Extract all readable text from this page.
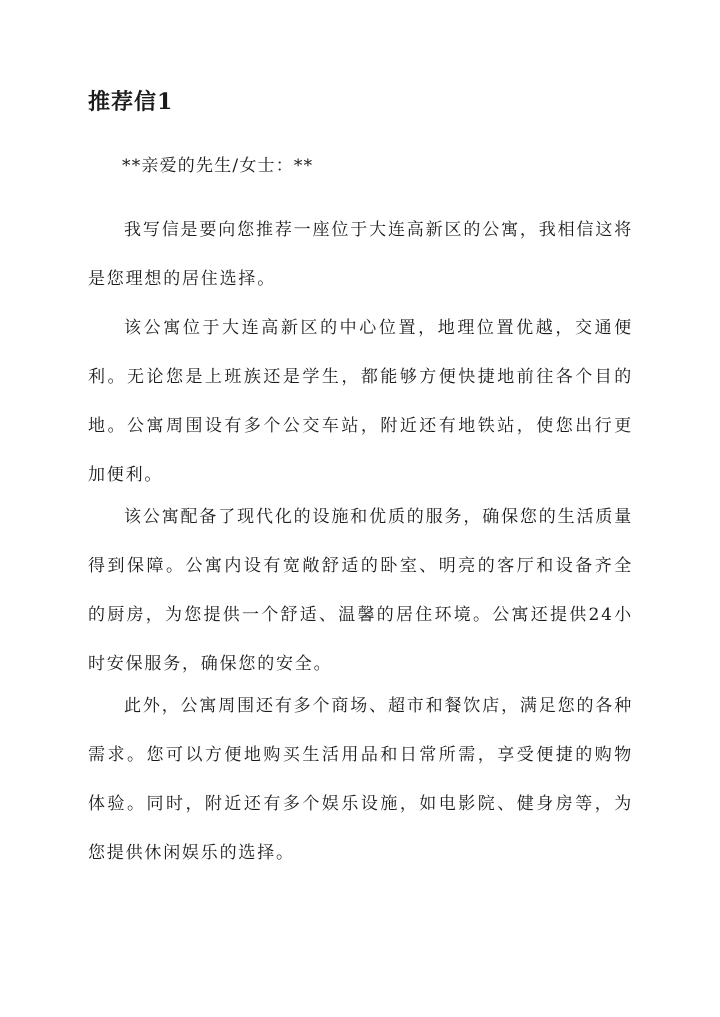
推荐信1

**亲爱的先生/女士：**

我写信是要向您推荐一座位于大连高新区的公寓，我相信这将是您理想的居住选择。

该公寓位于大连高新区的中心位置，地理位置优越，交通便利。无论您是上班族还是学生，都能够方便快捷地前往各个目的地。公寓周围设有多个公交车站，附近还有地铁站，使您出行更加便利。

该公寓配备了现代化的设施和优质的服务，确保您的生活质量得到保障。公寓内设有宽敞舒适的卧室、明亮的客厅和设备齐全的厨房，为您提供一个舒适、温馨的居住环境。公寓还提供24小时安保服务，确保您的安全。

此外，公寓周围还有多个商场、超市和餐饮店，满足您的各种需求。您可以方便地购买生活用品和日常所需，享受便捷的购物体验。同时，附近还有多个娱乐设施，如电影院、健身房等，为您提供休闲娱乐的选择。
